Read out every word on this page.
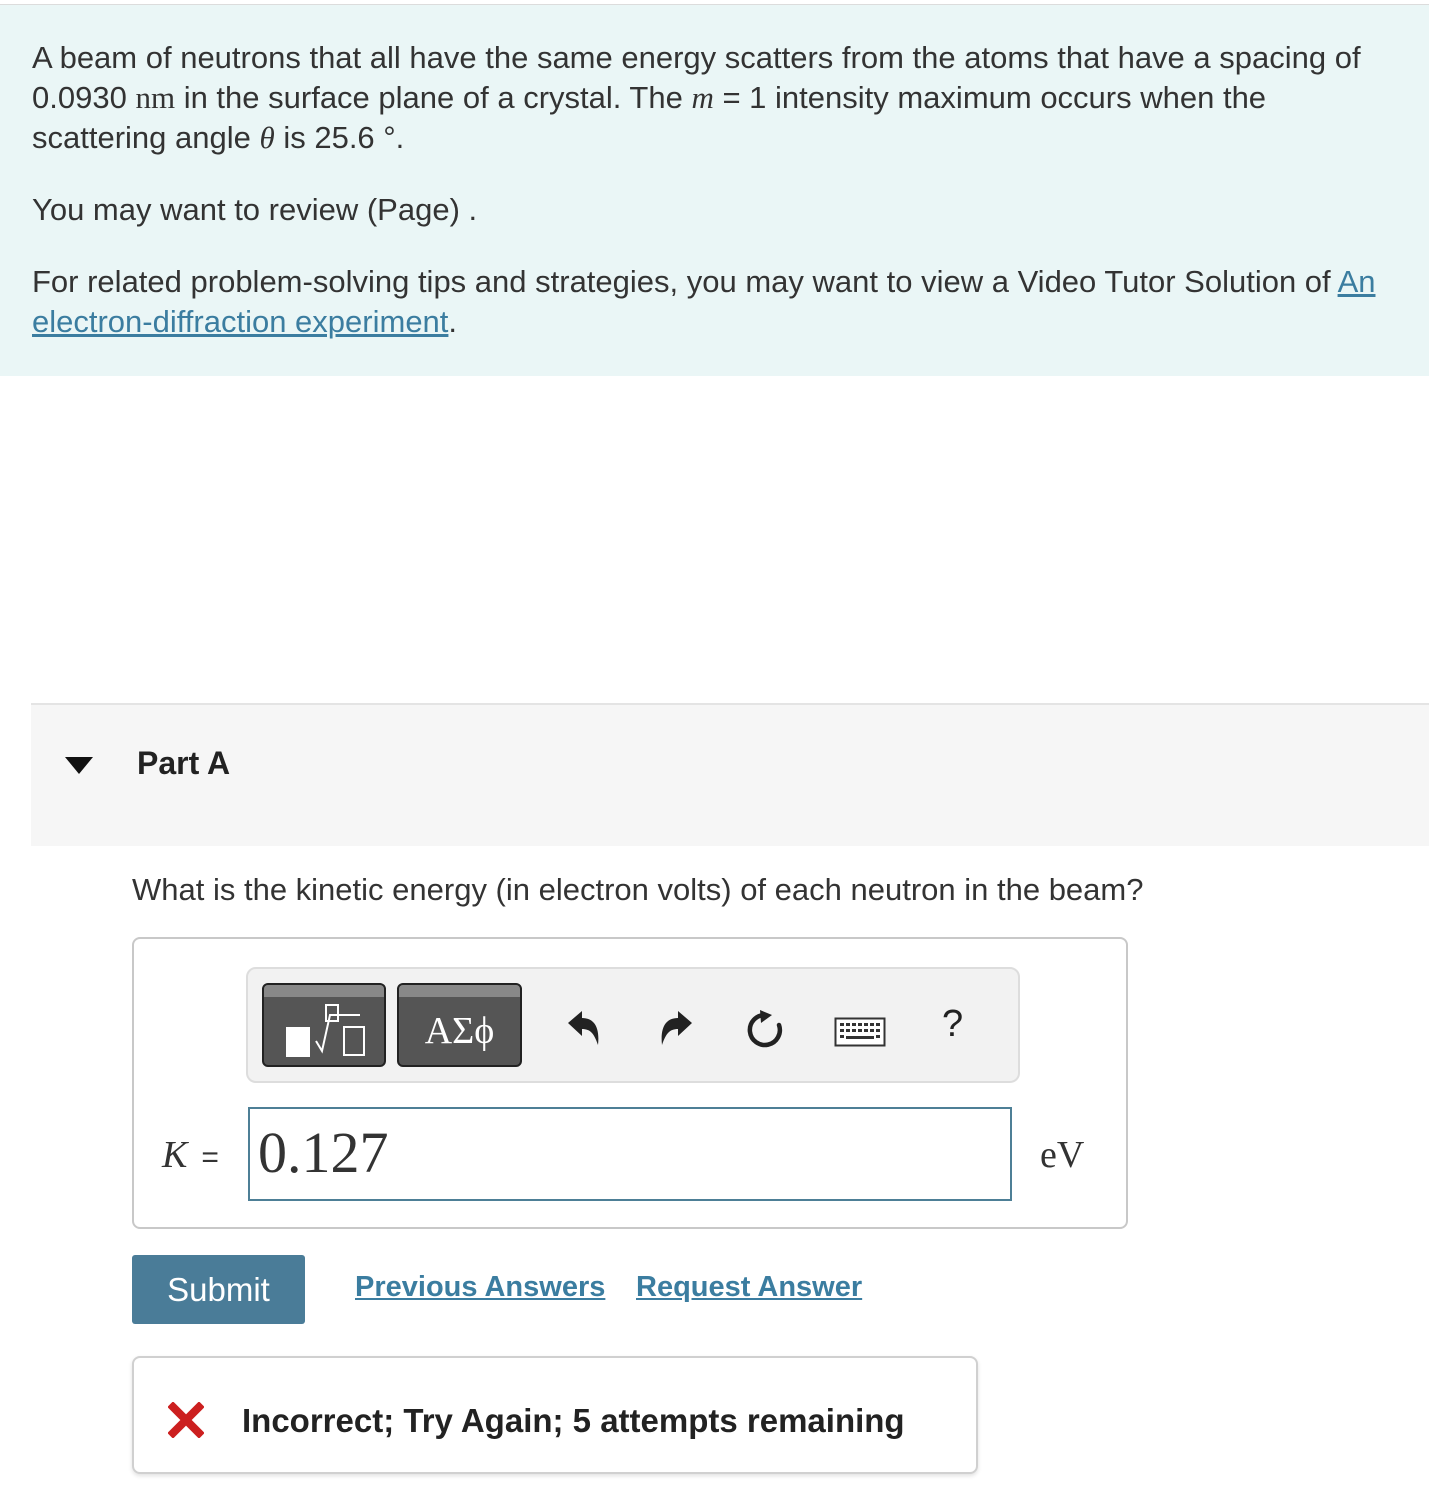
A beam of neutrons that all have the same energy scatters from the atoms that have a spacing of 0.0930 nm in the surface plane of a crystal. The m = 1 intensity maximum occurs when the scattering angle θ is 25.6 °.

You may want to review (Page) .

For related problem-solving tips and strategies, you may want to view a Video Tutor Solution of An electron-diffraction experiment.

Part A
What is the kinetic energy (in electron volts) of each neutron in the beam?
ΑΣϕ	?
K = 0.127	eV
Submit	Previous Answers Request Answer
Incorrect; Try Again; 5 attempts remaining
